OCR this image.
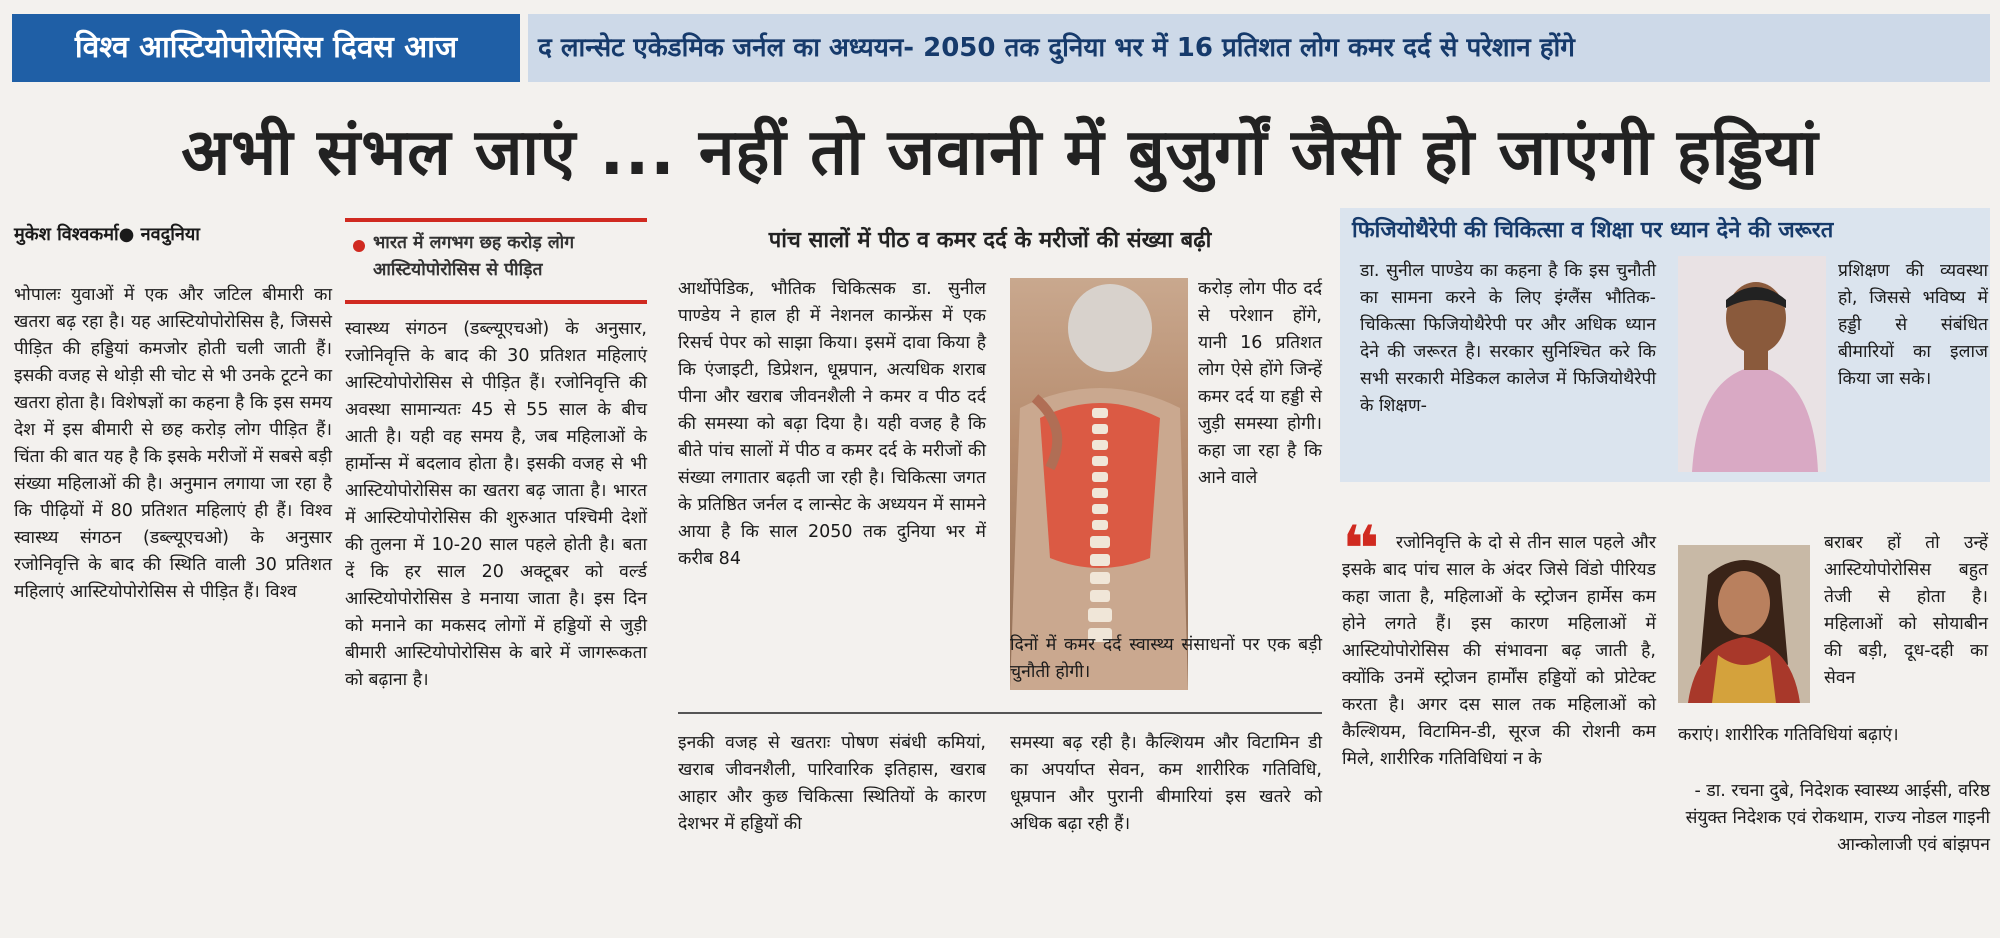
विश्व आस्टियोपोरोसिस दिवस आज	द लान्सेट एकेडमिक जर्नल का अध्ययन- 2050 तक दुनिया भर में 16 प्रतिशत लोग कमर दर्द से परेशान होंगे
अभी संभल जाएं ... नहीं तो जवानी में बुजुर्गों जैसी हो जाएंगी हड्डियां
मुकेश विश्वकर्मा● नवदुनिया

भोपालः युवाओं में एक और जटिल बीमारी का खतरा बढ़ रहा है। यह आस्टियोपोरोसिस है, जिससे पीड़ित की हड्डियां कमजोर होती चली जाती हैं। इसकी वजह से थोड़ी सी चोट से भी उनके टूटने का खतरा होता है। विशेषज्ञों का कहना है कि इस समय देश में इस बीमारी से छह करोड़ लोग पीड़ित हैं। चिंता की बात यह है कि इसके मरीजों में सबसे बड़ी संख्या महिलाओं की है। अनुमान लगाया जा रहा है कि पीढ़ियों में 80 प्रतिशत महिलाएं ही हैं। विश्व स्वास्थ्य संगठन (डब्ल्यूएचओ) के अनुसार रजोनिवृत्ति के बाद की स्थिति वाली 30 प्रतिशत महिलाएं आस्टियोपोरोसिस से पीड़ित हैं। विश्व

भारत में लगभग छह करोड़ लोग आस्टियोपोरोसिस से पीड़ित

स्वास्थ्य संगठन (डब्ल्यूएचओ) के अनुसार, रजोनिवृत्ति के बाद की 30 प्रतिशत महिलाएं आस्टियोपोरोसिस से पीड़ित हैं। रजोनिवृत्ति की अवस्था सामान्यतः 45 से 55 साल के बीच आती है। यही वह समय है, जब महिलाओं के हार्मोन्स में बदलाव होता है। इसकी वजह से भी आस्टियोपोरोसिस का खतरा बढ़ जाता है। भारत में आस्टियोपोरोसिस की शुरुआत पश्चिमी देशों की तुलना में 10-20 साल पहले होती है। बता दें कि हर साल 20 अक्टूबर को वर्ल्ड आस्टियोपोरोसिस डे मनाया जाता है। इस दिन को मनाने का मकसद लोगों में हड्डियों से जुड़ी बीमारी आस्टियोपोरोसिस के बारे में जागरूकता को बढ़ाना है।

पांच सालों में पीठ व कमर दर्द के मरीजों की संख्या बढ़ी

आर्थोपेडिक, भौतिक चिकित्सक डा. सुनील पाण्डेय ने हाल ही में नेशनल कान्फ्रेंस में एक रिसर्च पेपर को साझा किया। इसमें दावा किया है कि एंजाइटी, डिप्रेशन, धूम्रपान, अत्यधिक शराब पीना और खराब जीवनशैली ने कमर व पीठ दर्द की समस्या को बढ़ा दिया है। यही वजह है कि बीते पांच सालों में पीठ व कमर दर्द के मरीजों की संख्या लगातार बढ़ती जा रही है। चिकित्सा जगत के प्रतिष्ठित जर्नल द लान्सेट के अध्ययन में सामने आया है कि साल 2050 तक दुनिया भर में करीब 84

करोड़ लोग पीठ दर्द से परेशान होंगे, यानी 16 प्रतिशत लोग ऐसे होंगे जिन्हें कमर दर्द या हड्डी से जुड़ी समस्या होगी। कहा जा रहा है कि आने वाले

दिनों में कमर दर्द स्वास्थ्य संसाधनों पर एक बड़ी चुनौती होगी।

इनकी वजह से खतराः पोषण संबंधी कमियां, खराब जीवनशैली, पारिवारिक इतिहास, खराब आहार और कुछ चिकित्सा स्थितियों के कारण देशभर में हड्डियों की

समस्या बढ़ रही है। कैल्शियम और विटामिन डी का अपर्याप्त सेवन, कम शारीरिक गतिविधि, धूम्रपान और पुरानी बीमारियां इस खतरे को अधिक बढ़ा रही हैं।

फिजियोथैरेपी की चिकित्सा व शिक्षा पर ध्यान देने की जरूरत

डा. सुनील पाण्डेय का कहना है कि इस चुनौती का सामना करने के लिए इंग्लैंस भौतिक-चिकित्सा फिजियोथैरेपी पर और अधिक ध्यान देने की जरूरत है। सरकार सुनिश्चित करे कि सभी सरकारी मेडिकल कालेज में फिजियोथैरेपी के शिक्षण-

प्रशिक्षण की व्यवस्था हो, जिससे भविष्य में हड्डी से संबंधित बीमारियों का इलाज किया जा सके।

❝ रजोनिवृत्ति के दो से तीन साल पहले और इसके बाद पांच साल के अंदर जिसे विंडो पीरियड कहा जाता है, महिलाओं के स्ट्रोजन हार्मेस कम होने लगते हैं। इस कारण महिलाओं में आस्टियोपोरोसिस की संभावना बढ़ जाती है, क्योंकि उनमें स्ट्रोजन हार्मोंस हड्डियों को प्रोटेक्ट करता है। अगर दस साल तक महिलाओं को कैल्शियम, विटामिन-डी, सूरज की रोशनी कम मिले, शारीरिक गतिविधियां न के

बराबर हों तो उन्हें आस्टियोपोरोसिस बहुत तेजी से होता है। महिलाओं को सोयाबीन की बड़ी, दूध-दही का सेवन

कराएं। शारीरिक गतिविधियां बढ़ाएं।

- डा. रचना दुबे, निदेशक स्वास्थ्य आईसी, वरिष्ठ संयुक्त निदेशक एवं रोकथाम, राज्य नोडल गाइनी आन्कोलाजी एवं बांझपन
